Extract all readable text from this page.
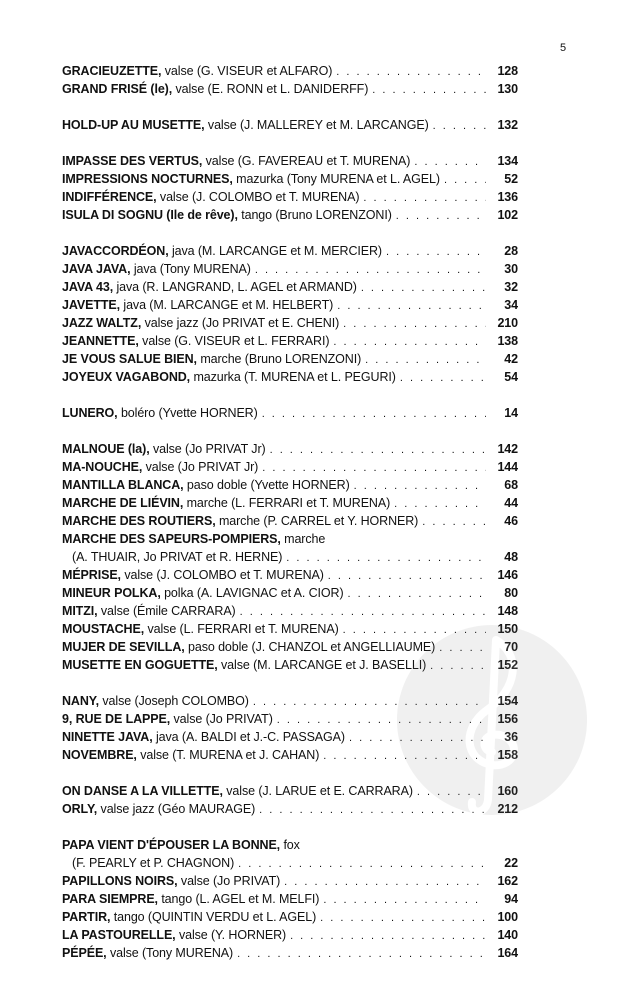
5
GRACIEUZETTE, valse (G. VISEUR et ALFARO) . . .	128
GRAND FRISÉ (le), valse (E. RONN et L. DANIDERFF) . . .	130
HOLD-UP AU MUSETTE, valse (J. MALLEREY et M. LARCANGE) . . .	132
IMPASSE DES VERTUS, valse (G. FAVEREAU et T. MURENA) . . .	134
IMPRESSIONS NOCTURNES, mazurka (Tony MURENA et L. AGEL) . . .	52
INDIFFÉRENCE, valse (J. COLOMBO et T. MURENA) . . .	136
ISULA DI SOGNU (Ile de rêve), tango (Bruno LORENZONI) . . .	102
JAVACCORDÉON, java (M. LARCANGE et M. MERCIER) . . .	28
JAVA JAVA, java (Tony MURENA) . . .	30
JAVA 43, java (R. LANGRAND, L. AGEL et ARMAND) . . .	32
JAVETTE, java (M. LARCANGE et M. HELBERT) . . .	34
JAZZ WALTZ, valse jazz (Jo PRIVAT et E. CHENI) . . .	210
JEANNETTE, valse (G. VISEUR et L. FERRARI) . . .	138
JE VOUS SALUE BIEN, marche (Bruno LORENZONI) . . .	42
JOYEUX VAGABOND, mazurka (T. MURENA et L. PEGURI) . . .	54
LUNERO, boléro (Yvette HORNER) . . .	14
MALNOUE (la), valse (Jo PRIVAT Jr) . . .	142
MA-NOUCHE, valse (Jo PRIVAT Jr) . . .	144
MANTILLA BLANCA, paso doble (Yvette HORNER) . . .	68
MARCHE DE LIÉVIN, marche (L. FERRARI et T. MURENA) . . .	44
MARCHE DES ROUTIERS, marche (P. CARREL et Y. HORNER) . . .	46
MARCHE DES SAPEURS-POMPIERS, marche
(A. THUAIR, Jo PRIVAT et R. HERNE) . . .	48
MÉPRISE, valse (J. COLOMBO et T. MURENA) . . .	146
MINEUR POLKA, polka (A. LAVIGNAC et A. CIOR) . . .	80
MITZI, valse (Émile CARRARA) . . .	148
MOUSTACHE, valse (L. FERRARI et T. MURENA) . . .	150
MUJER DE SEVILLA, paso doble (J. CHANZOL et ANGELLIAUME) . . .	70
MUSETTE EN GOGUETTE, valse (M. LARCANGE et J. BASELLI) . . .	152
NANY, valse (Joseph COLOMBO) . . .	154
9, RUE DE LAPPE, valse (Jo PRIVAT) . . .	156
NINETTE JAVA, java (A. BALDI et J.-C. PASSAGA) . . .	36
NOVEMBRE, valse (T. MURENA et J. CAHAN) . . .	158
ON DANSE A LA VILLETTE, valse (J. LARUE et E. CARRARA) . . .	160
ORLY, valse jazz (Géo MAURAGE) . . .	212
PAPA VIENT D'ÉPOUSER LA BONNE, fox
(F. PEARLY et P. CHAGNON) . . .	22
PAPILLONS NOIRS, valse (Jo PRIVAT) . . .	162
PARA SIEMPRE, tango (L. AGEL et M. MELFI) . . .	94
PARTIR, tango (QUINTIN VERDU et L. AGEL) . . .	100
LA PASTOURELLE, valse (Y. HORNER) . . .	140
PÉPÉE, valse (Tony MURENA) . . .	164
